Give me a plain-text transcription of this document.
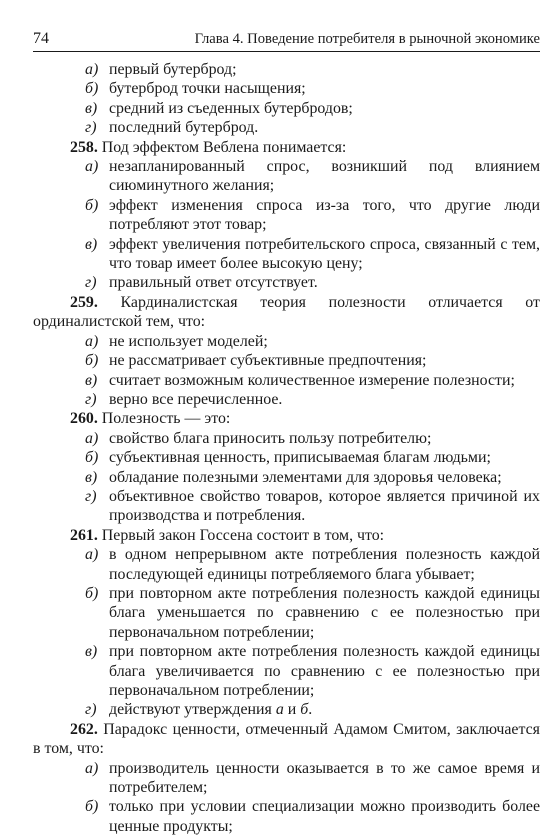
74	Глава 4. Поведение потребителя в рыночной экономике

а) первый бутерброд;

б) бутерброд точки насыщения;

в) средний из съеденных бутербродов;

г) последний бутерброд.

258. Под эффектом Веблена понимается:

а) незапланированный спрос, возникший под влиянием сиюминутного желания;

б) эффект изменения спроса из-за того, что другие люди потребляют этот товар;

в) эффект увеличения потребительского спроса, связанный с тем, что товар имеет более высокую цену;

г) правильный ответ отсутствует.

259. Кардиналистская теория полезности отличается от ординалистской тем, что:

а) не использует моделей;

б) не рассматривает субъективные предпочтения;

в) считает возможным количественное измерение полезности;

г) верно все перечисленное.

260. Полезность — это:

а) свойство блага приносить пользу потребителю;

б) субъективная ценность, приписываемая благам людьми;

в) обладание полезными элементами для здоровья человека;

г) объективное свойство товаров, которое является причиной их производства и потребления.

261. Первый закон Госсена состоит в том, что:

а) в одном непрерывном акте потребления полезность каждой последующей единицы потребляемого блага убывает;

б) при повторном акте потребления полезность каждой единицы блага уменьшается по сравнению с ее полезностью при первоначальном потреблении;

в) при повторном акте потребления полезность каждой единицы блага увеличивается по сравнению с ее полезностью при первоначальном потреблении;

г) действуют утверждения а и б.

262. Парадокс ценности, отмеченный Адамом Смитом, заключается в том, что:

а) производитель ценности оказывается в то же самое время и потребителем;

б) только при условии специализации можно производить более ценные продукты;
